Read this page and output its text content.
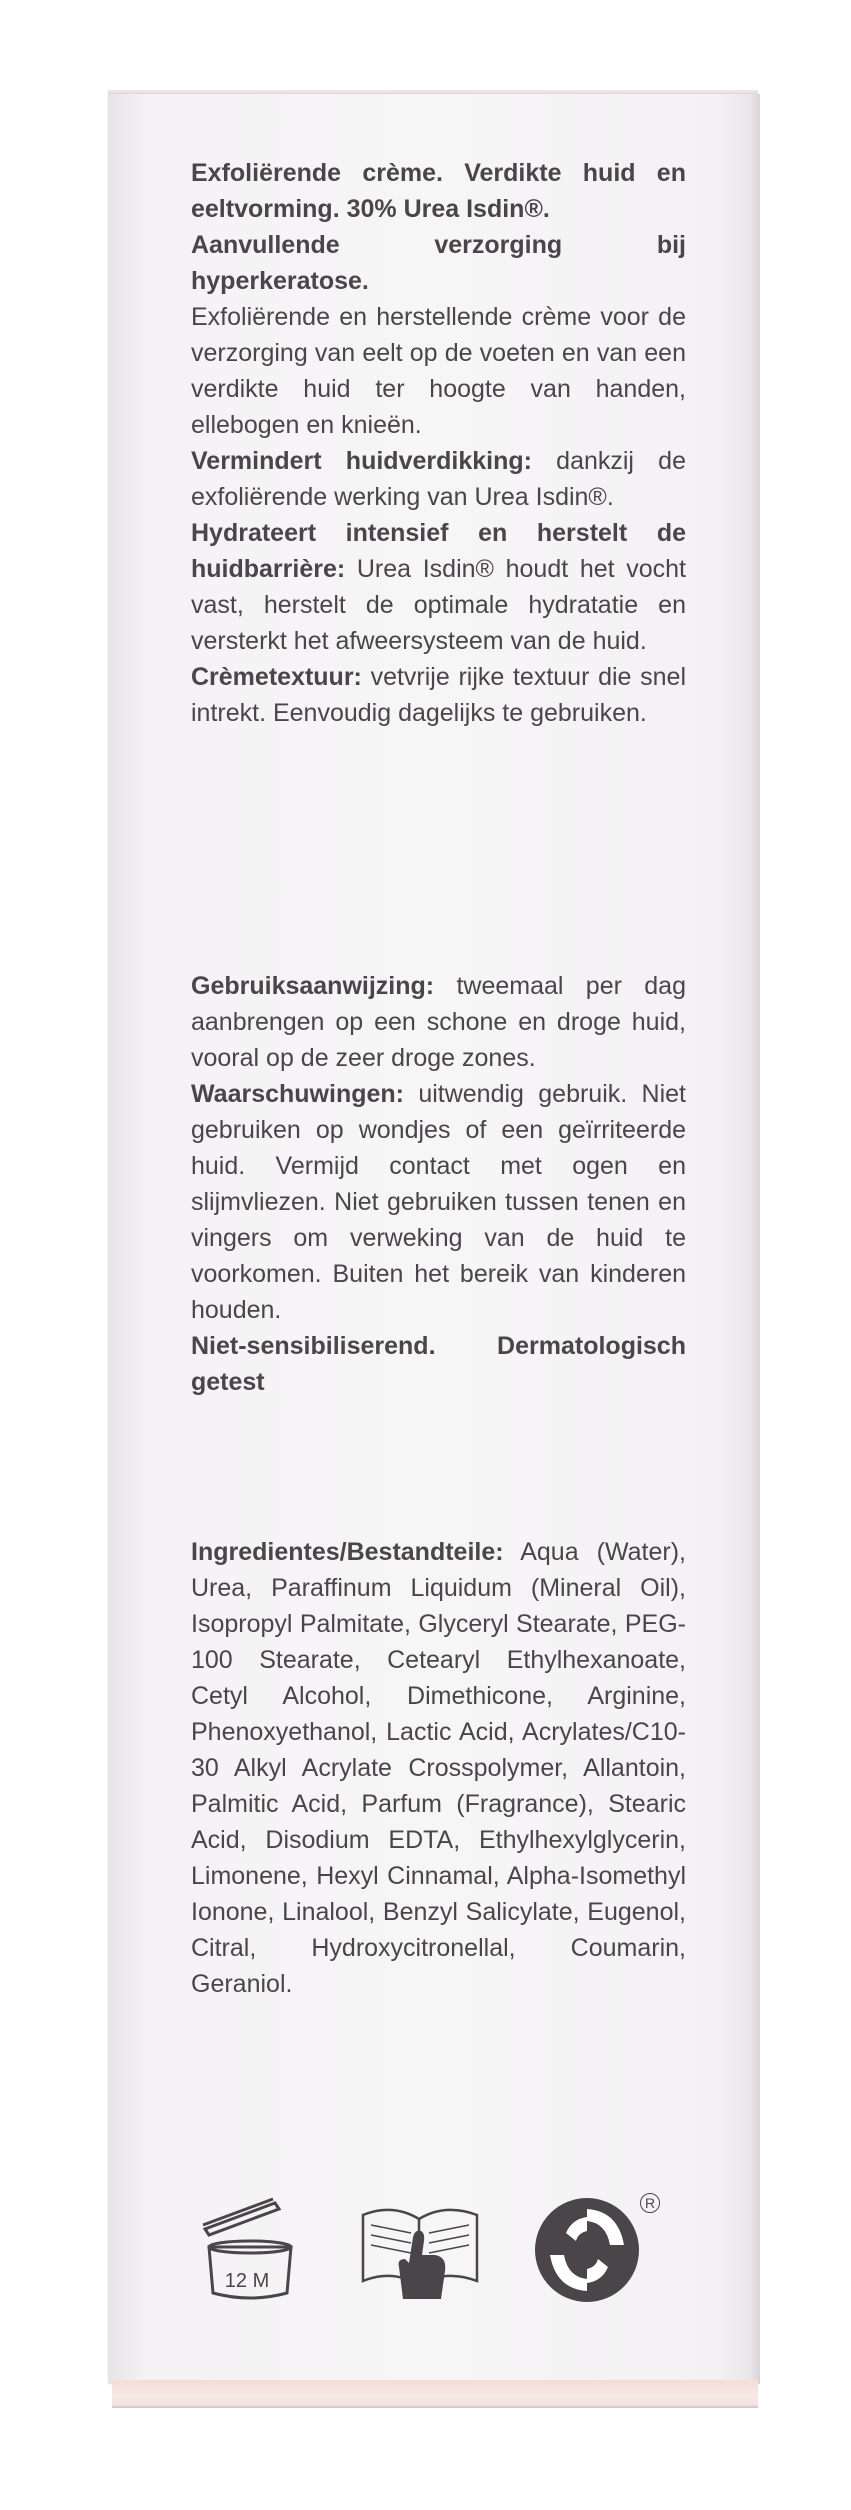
Exfoliërende crème. Verdikte huid en eeltvorming. 30% Urea Isdin®.

Aanvullende verzorging bij hyperkeratose.

Exfoliërende en herstellende crème voor de verzorging van eelt op de voeten en van een verdikte huid ter hoogte van handen, ellebogen en knieën.

Vermindert huidverdikking: dankzij de exfoliërende werking van Urea Isdin®.

Hydrateert intensief en herstelt de huidbarrière: Urea Isdin® houdt het vocht vast, herstelt de optimale hydratatie en versterkt het afweersysteem van de huid.

Crèmetextuur: vetvrije rijke textuur die snel intrekt. Eenvoudig dagelijks te gebruiken.

Gebruiksaanwijzing: tweemaal per dag aanbrengen op een schone en droge huid, vooral op de zeer droge zones.

Waarschuwingen: uitwendig gebruik. Niet gebruiken op wondjes of een geïrriteerde huid. Vermijd contact met ogen en slijmvliezen. Niet gebruiken tussen tenen en vingers om verweking van de huid te voorkomen. Buiten het bereik van kinderen houden.

Niet-sensibiliserend. Dermatologisch getest

Ingredientes/Bestandteile: Aqua (Water), Urea, Paraffinum Liquidum (Mineral Oil), Isopropyl Palmitate, Glyceryl Stearate, PEG-100 Stearate, Cetearyl Ethylhexanoate, Cetyl Alcohol, Dimethicone, Arginine, Phenoxyethanol, Lactic Acid, Acrylates/C10-30 Alkyl Acrylate Crosspolymer, Allantoin, Palmitic Acid, Parfum (Fragrance), Stearic Acid, Disodium EDTA, Ethylhexylglycerin, Limonene, Hexyl Cinnamal, Alpha-Isomethyl Ionone, Linalool, Benzyl Salicylate, Eugenol, Citral, Hydroxycitronellal, Coumarin, Geraniol.

12 M
R
